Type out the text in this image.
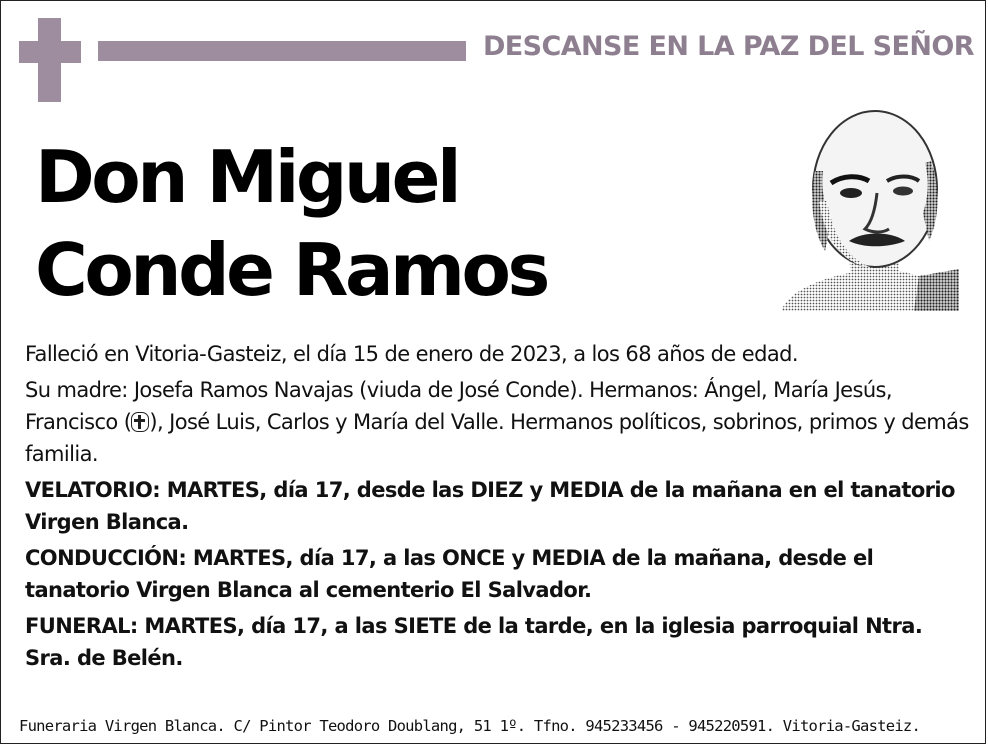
DESCANSE EN LA PAZ DEL SEÑOR
Don Miguel
Conde Ramos

Falleció en Vitoria-Gasteiz, el día 15 de enero de 2023, a los 68 años de edad.

Su madre: Josefa Ramos Navajas (viuda de José Conde). Hermanos: Ángel, María Jesús, Francisco ( ), José Luis, Carlos y María del Valle. Hermanos políticos, sobrinos, primos y demás familia.

VELATORIO: MARTES, día 17, desde las DIEZ y MEDIA de la mañana en el tanatorio Virgen Blanca.

CONDUCCIÓN: MARTES, día 17, a las ONCE y MEDIA de la mañana, desde el tanatorio Virgen Blanca al cementerio El Salvador.

FUNERAL: MARTES, día 17, a las SIETE de la tarde, en la iglesia parroquial Ntra. Sra. de Belén.

Funeraria Virgen Blanca. C/ Pintor Teodoro Doublang, 51 1º. Tfno. 945233456 - 945220591. Vitoria-Gasteiz.
